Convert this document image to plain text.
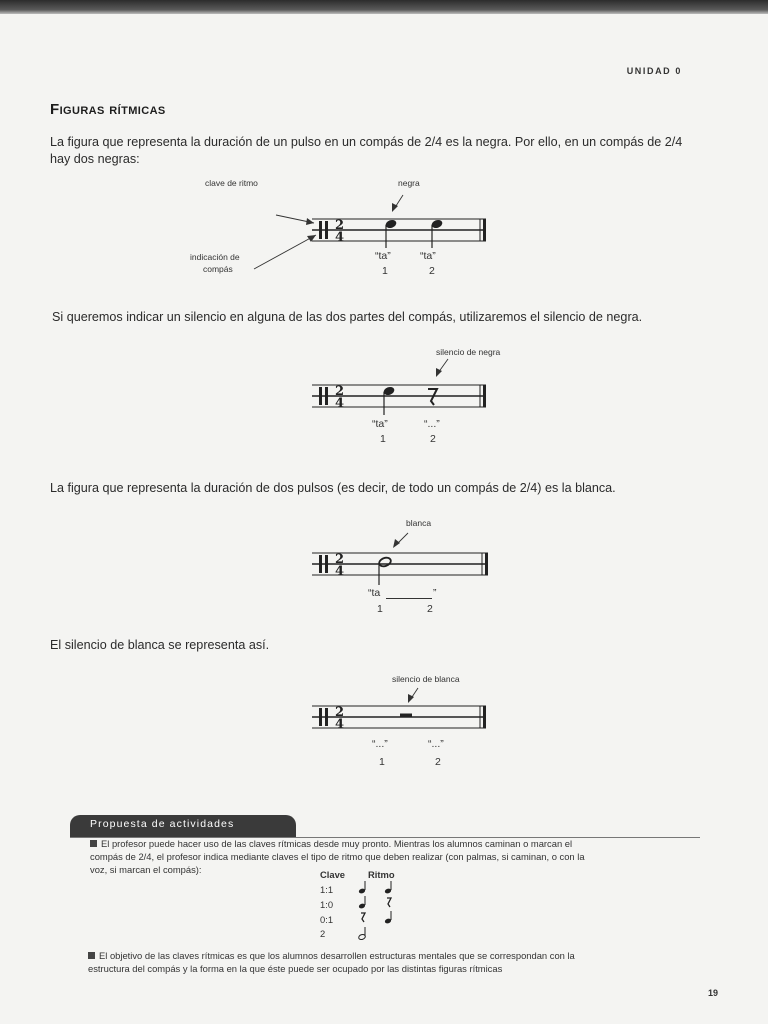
UNIDAD 0
Figuras rítmicas
La figura que representa la duración de un pulso en un compás de 2/4 es la negra. Por ello, en un compás de 2/4 hay dos negras:
clave de ritmo	negra
indicación de
compás
2
4
“ta”	“ta”
1	2
Si queremos indicar un silencio en alguna de las dos partes del compás, utilizaremos el silencio de negra.
silencio de negra
2
4
“ta”	“...”
1	2
La figura que representa la duración de dos pulsos (es decir, de todo un compás de 2/4) es la blanca.
blanca
2
4
“ta	”
1	2
El silencio de blanca se representa así.
silencio de blanca
2
4
“...”	“...”
1	2
Propuesta de actividades
El profesor puede hacer uso de las claves rítmicas desde muy pronto. Mientras los alumnos caminan o marcan el
compás de 2/4, el profesor indica mediante claves el tipo de ritmo que deben realizar (con palmas, si caminan, o con la
voz, si marcan el compás):	Clave Ritmo
1:1
1:0
0:1
2
El objetivo de las claves rítmicas es que los alumnos desarrollen estructuras mentales que se correspondan con la
estructura del compás y la forma en la que éste puede ser ocupado por las distintas figuras rítmicas
19
